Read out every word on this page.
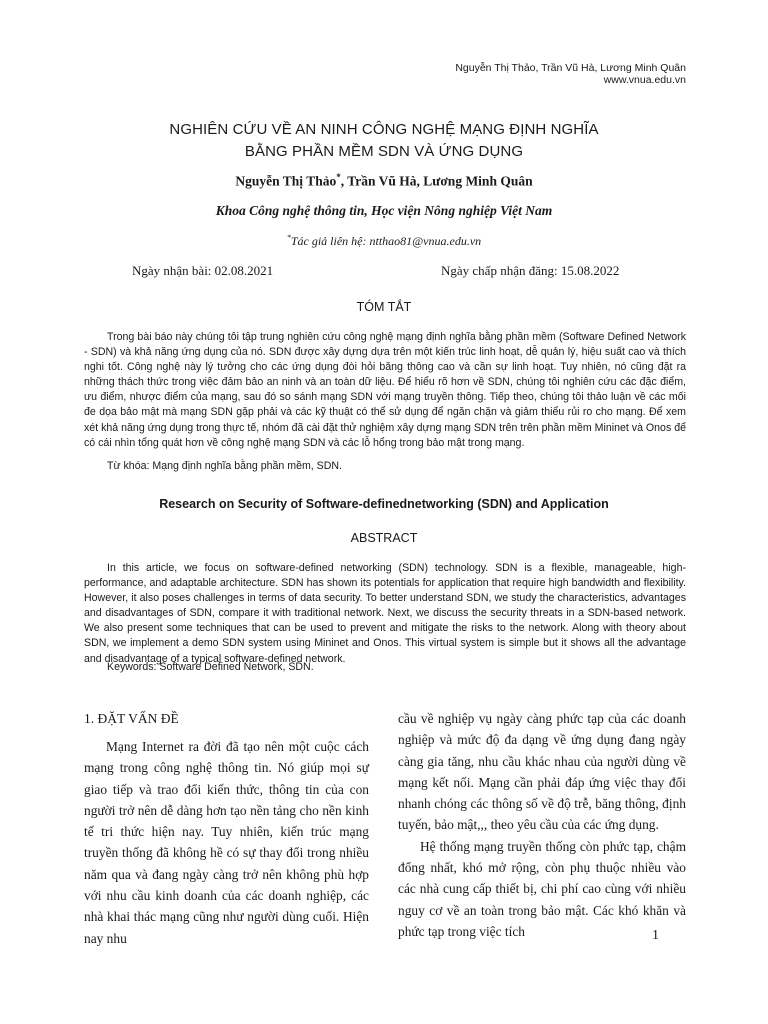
Nguyễn Thị Thảo, Trần Vũ Hà, Lương Minh Quân
www.vnua.edu.vn
NGHIÊN CỨU VỀ AN NINH CÔNG NGHỆ MẠNG ĐỊNH NGHĨA
BẰNG PHẦN MỀM SDN VÀ ỨNG DỤNG
Nguyễn Thị Thảo*, Trần Vũ Hà, Lương Minh Quân
Khoa Công nghệ thông tin, Học viện Nông nghiệp Việt Nam
*Tác giả liên hệ: ntthao81@vnua.edu.vn
Ngày nhận bài: 02.08.2021	Ngày chấp nhận đăng: 15.08.2022
TÓM TẮT
Trong bài báo này chúng tôi tập trung nghiên cứu công nghệ mạng định nghĩa bằng phần mềm (Software Defined Network - SDN) và khả năng ứng dụng của nó. SDN được xây dựng dựa trên một kiến trúc linh hoạt, dễ quản lý, hiệu suất cao và thích nghi tốt. Công nghệ này lý tưởng cho các ứng dụng đòi hỏi băng thông cao và cần sự linh hoạt. Tuy nhiên, nó cũng đặt ra những thách thức trong việc đảm bảo an ninh và an toàn dữ liệu. Để hiểu rõ hơn về SDN, chúng tôi nghiên cứu các đặc điểm, ưu điểm, nhược điểm của mạng, sau đó so sánh mạng SDN với mạng truyền thông. Tiếp theo, chúng tôi thảo luận về các mối đe dọa bảo mật mà mạng SDN gặp phải và các kỹ thuật có thể sử dụng để ngăn chặn và giảm thiểu rủi ro cho mạng. Để xem xét khả năng ứng dụng trong thực tế, nhóm đã cài đặt thử nghiệm xây dựng mạng SDN trên trên phần mềm Mininet và Onos để có cái nhìn tổng quát hơn về công nghệ mạng SDN và các lỗ hổng trong bảo mật trong mạng.
Từ khóa: Mạng định nghĩa bằng phần mềm, SDN.
Research on Security of Software-definednetworking (SDN) and Application
ABSTRACT
In this article, we focus on software-defined networking (SDN) technology. SDN is a flexible, manageable, high-performance, and adaptable architecture. SDN has shown its potentials for application that require high bandwidth and flexibility. However, it also poses challenges in terms of data security. To better understand SDN, we study the characteristics, advantages and disadvantages of SDN, compare it with traditional network. Next, we discuss the security threats in a SDN-based network. We also present some techniques that can be used to prevent and mitigate the risks to the network. Along with theory about SDN, we implement a demo SDN system using Mininet and Onos. This virtual system is simple but it shows all the advantage and disadvantage of a typical software-defined network.
Keywords: Software Defined Network, SDN.
1. ĐẶT VẤN ĐỀ

Mạng Internet ra đời đã tạo nên một cuộc cách mạng trong công nghệ thông tin. Nó giúp mọi sự giao tiếp và trao đổi kiến thức, thông tin của con người trở nên dễ dàng hơn tạo nền tảng cho nền kinh tế tri thức hiện nay. Tuy nhiên, kiến trúc mạng truyền thống đã không hề có sự thay đổi trong nhiều năm qua và đang ngày càng trở nên không phù hợp với nhu cầu kinh doanh của các doanh nghiệp, các nhà khai thác mạng cũng như người dùng cuối. Hiện nay nhu

cầu về nghiệp vụ ngày càng phức tạp của các doanh nghiệp và mức độ đa dạng về ứng dụng đang ngày càng gia tăng, nhu cầu khác nhau của người dùng về mạng kết nối. Mạng cần phải đáp ứng việc thay đổi nhanh chóng các thông số về độ trễ, băng thông, định tuyến, bảo mật,,, theo yêu cầu của các ứng dụng.

Hệ thống mạng truyền thống còn phức tạp, chậm đổng nhất, khó mở rộng, còn phụ thuộc nhiều vào các nhà cung cấp thiết bị, chi phí cao cùng với nhiều nguy cơ về an toàn trong bảo mật. Các khó khăn và phức tạp trong việc tích	1
